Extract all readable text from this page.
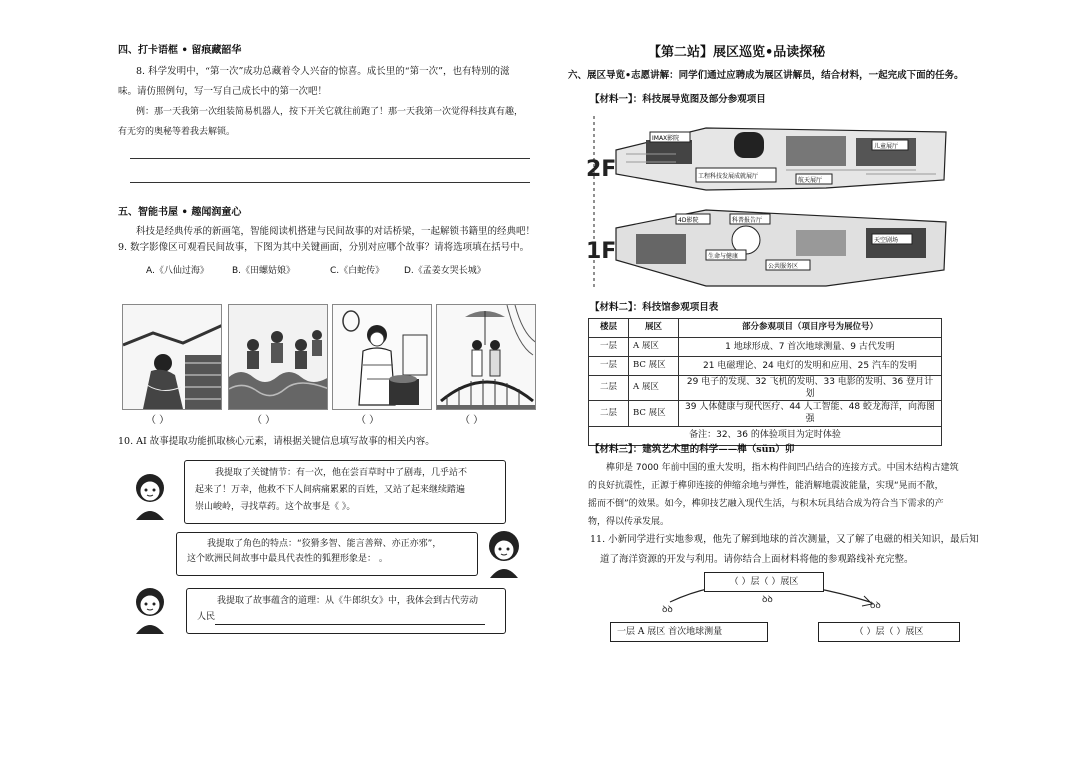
四、打卡语框 • 留痕藏韶华
8. 科学发明中，“第一次”成功总藏着令人兴奋的惊喜。成长里的“第一次”，也有特别的滋
味。请仿照例句，写一写自己成长中的第一次吧！
例：那一天我第一次组装简易机器人，按下开关它就往前跑了！那一天我第一次觉得科技真有趣，
有无穷的奥秘等着我去解锁。
五、智能书屋 • 趣闻润童心
科技是经典传承的新画笔，智能阅读机搭建与民间故事的对话桥梁，一起解锁书籍里的经典吧！
9. 数字影像区可观看民间故事，下图为其中关键画面，分别对应哪个故事？请将选项填在括号中。
A.《八仙过海》	B.《田螺姑娘》	C.《白蛇传》 D.《孟姜女哭长城》
（ ）	（ ）	（ ）	（ ）
10. AI 故事提取功能抓取核心元素，请根据关键信息填写故事的相关内容。
我提取了关键情节：有一次，他在尝百草时中了剧毒，几乎站不
起来了！万幸，他救不下人间病痛累累的百姓，又站了起来继续踏遍
崇山峻岭，寻找草药。这个故事是《 》。
我提取了角色的特点：“狡猾多智、能言善辩、亦正亦邪”，
这个欧洲民间故事中最具代表性的狐狸形象是： 。
我提取了故事蕴含的道理：从《牛郎织女》中，我体会到古代劳动
人民
【第二站】展区巡览•品读探秘
六、展区导览•志愿讲解：同学们通过应聘成为展区讲解员，结合材料，一起完成下面的任务。
【材料一】：科技展导览图及部分参观项目
2F
1F
IMAX影院
工程科技发展成就展厅
儿童展厅
航天展厅
4D影院	科普报告厅
生命与健康
天空剧场
公共服务区
【材料二】：科技馆参观项目表
楼层	展区	部分参观项目（项目序号为展位号）
一层	A 展区	1 地球形成、7 首次地球测量、9 古代发明
一层	BC 展区	21 电磁理论、24 电灯的发明和应用、25 汽车的发明
二层	A 展区	29 电子的发现、32 飞机的发明、33 电影的发明、36 登月计划
二层	BC 展区	39 人体健康与现代医疗、44 人工智能、48 蛟龙海洋，向海图强
备注：32、36 的体验项目为定时体验		
【材料三】：建筑艺术里的科学——榫（sǔn）卯
榫卯是 7000 年前中国的重大发明，指木构件间凹凸结合的连接方式。中国木结构古建筑
的良好抗震性，正源于榫卯连接的伸缩余地与弹性，能消解地震波能量，实现“晃而不散，
摇而不倒”的效果。如今，榫卯技艺融入现代生活，与积木玩具结合成为符合当下需求的产
物，得以传承发展。
11. 小新同学进行实地参观，他先了解到地球的首次测量，又了解了电磁的相关知识，最后知
道了海洋资源的开发与利用。请你结合上面材料将他的参观路线补充完整。
ꝺꝺ
ꝺꝺ
ꝺꝺ
（ ）层（ ）展区
一层 A 展区 首次地球测量	（ ）层（ ）展区
